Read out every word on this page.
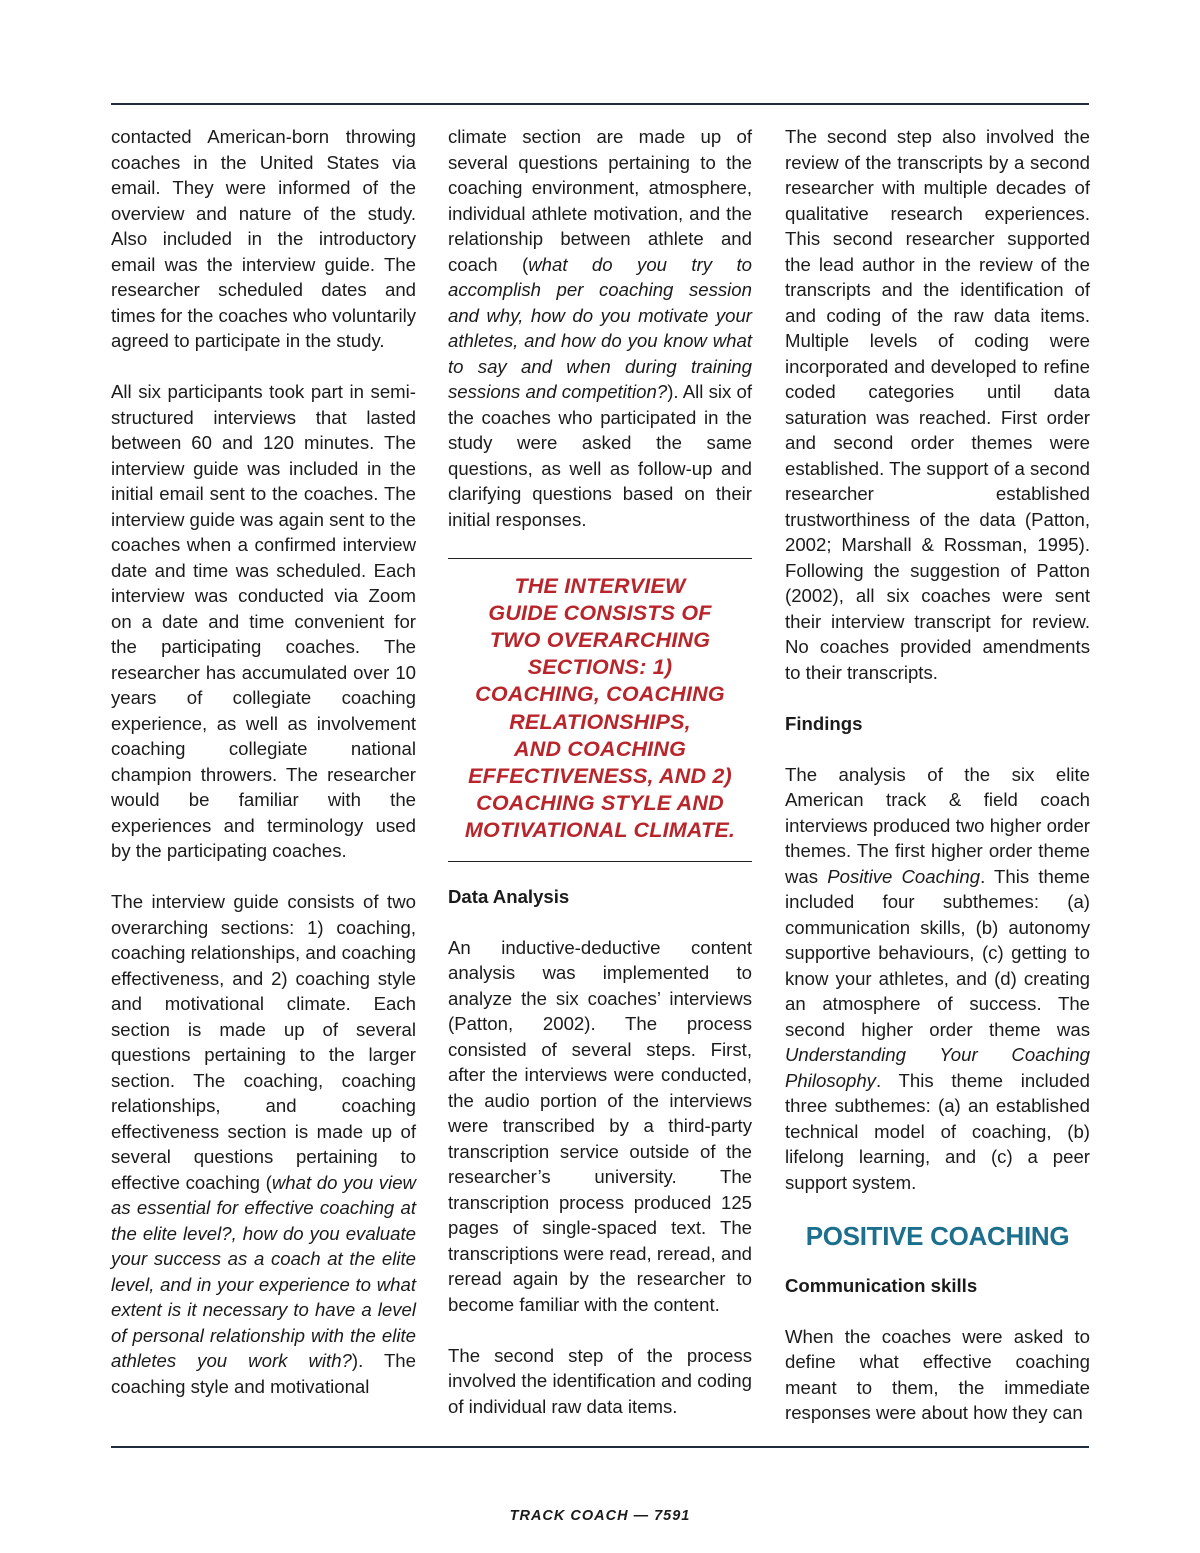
contacted American-born throwing coaches in the United States via email. They were informed of the overview and nature of the study. Also included in the introductory email was the interview guide. The researcher scheduled dates and times for the coaches who voluntarily agreed to participate in the study.

All six participants took part in semi-structured interviews that lasted between 60 and 120 minutes. The interview guide was included in the initial email sent to the coaches. The interview guide was again sent to the coaches when a confirmed interview date and time was scheduled. Each interview was conducted via Zoom on a date and time convenient for the participating coaches. The researcher has accumulated over 10 years of collegiate coaching experience, as well as involvement coaching collegiate national champion throwers. The researcher would be familiar with the experiences and terminology used by the participating coaches.

The interview guide consists of two overarching sections: 1) coaching, coaching relationships, and coaching effectiveness, and 2) coaching style and motivational climate. Each section is made up of several questions pertaining to the larger section. The coaching, coaching relationships, and coaching effectiveness section is made up of several questions pertaining to effective coaching (what do you view as essential for effective coaching at the elite level?, how do you evaluate your success as a coach at the elite level, and in your experience to what extent is it necessary to have a level of personal relationship with the elite athletes you work with?). The coaching style and motivational

climate section are made up of several questions pertaining to the coaching environment, atmosphere, individual athlete motivation, and the relationship between athlete and coach (what do you try to accomplish per coaching session and why, how do you motivate your athletes, and how do you know what to say and when during training sessions and competition?). All six of the coaches who participated in the study were asked the same questions, as well as follow-up and clarifying questions based on their initial responses.

THE INTERVIEW
GUIDE CONSISTS OF
TWO OVERARCHING
SECTIONS: 1)
COACHING, COACHING
RELATIONSHIPS,
AND COACHING
EFFECTIVENESS, AND 2)
COACHING STYLE AND
MOTIVATIONAL CLIMATE.
Data Analysis

An inductive-deductive content analysis was implemented to analyze the six coaches’ interviews (Patton, 2002). The process consisted of several steps. First, after the interviews were conducted, the audio portion of the interviews were transcribed by a third-party transcription service outside of the researcher’s university. The transcription process produced 125 pages of single-spaced text. The transcriptions were read, reread, and reread again by the researcher to become familiar with the content.

The second step of the process involved the identification and coding of individual raw data items.

The second step also involved the review of the transcripts by a second researcher with multiple decades of qualitative research experiences. This second researcher supported the lead author in the review of the transcripts and the identification of and coding of the raw data items. Multiple levels of coding were incorporated and developed to refine coded categories until data saturation was reached. First order and second order themes were established. The support of a second researcher established trustworthiness of the data (Patton, 2002; Marshall & Rossman, 1995). Following the suggestion of Patton (2002), all six coaches were sent their interview transcript for review. No coaches provided amendments to their transcripts.

Findings

The analysis of the six elite American track & field coach interviews produced two higher order themes. The first higher order theme was Positive Coaching. This theme included four subthemes: (a) communication skills, (b) autonomy supportive behaviours, (c) getting to know your athletes, and (d) creating an atmosphere of success. The second higher order theme was Understanding Your Coaching Philosophy. This theme included three subthemes: (a) an established technical model of coaching, (b) lifelong learning, and (c) a peer support system.

POSITIVE COACHING
Communication skills

When the coaches were asked to define what effective coaching meant to them, the immediate responses were about how they can

TRACK COACH — 7591
